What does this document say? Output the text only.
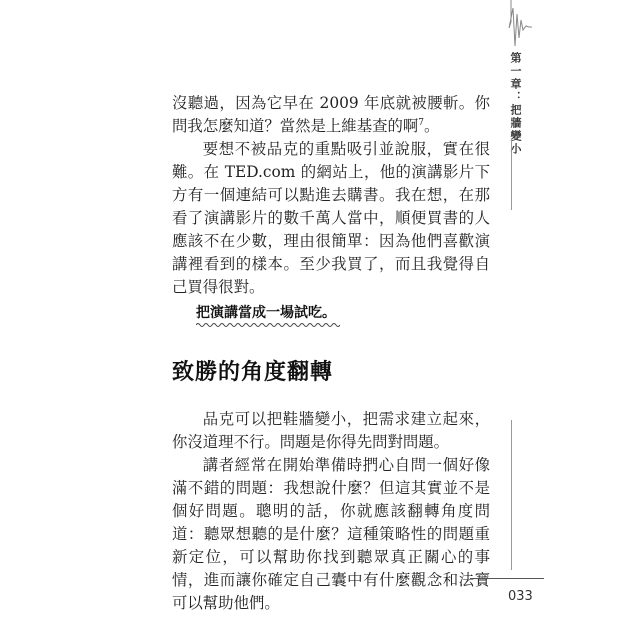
第一章：把牆變小

沒聽過，因為它早在 2009 年底就被腰斬。你問我怎麼知道？當然是上維基查的啊$^7$。

要想不被品克的重點吸引並說服，實在很難。在 TED.com 的網站上，他的演講影片下方有一個連結可以點進去購書。我在想，在那看了演講影片的數千萬人當中，順便買書的人應該不在少數，理由很簡單：因為他們喜歡演講裡看到的樣本。至少我買了，而且我覺得自己買得很對。

把演講當成一場試吃。
致勝的角度翻轉

品克可以把鞋牆變小，把需求建立起來，你沒道理不行。問題是你得先問對問題。

講者經常在開始準備時捫心自問一個好像滿不錯的問題：我想說什麼？但這其實並不是個好問題。聰明的話，你就應該翻轉角度問道：聽眾想聽的是什麼？這種策略性的問題重新定位，可以幫助你找到聽眾真正關心的事情，進而讓你確定自己囊中有什麼觀念和法寶可以幫助他們。	033
